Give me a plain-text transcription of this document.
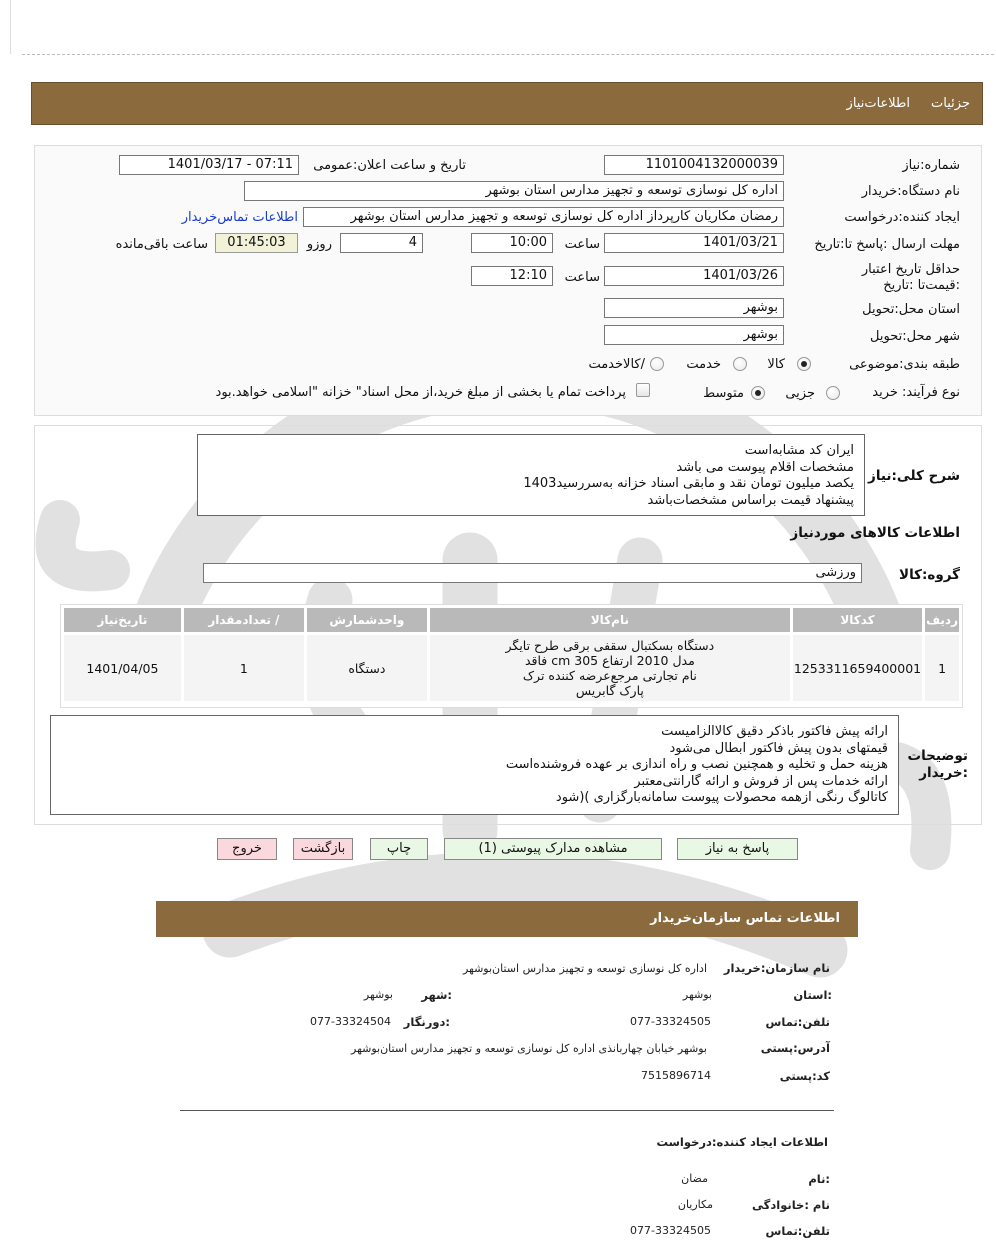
جزئیات
اطلاعات‌نیاز
شماره:نیاز
1101004132000039
تاریخ و ساعت اعلان:عمومی
1401/03/17 - 07:11
نام دستگاه:خریدار
اداره کل نوسازی توسعه و تجهیز مدارس استان بوشهر
ایجاد کننده:درخواست
رمضان مکاریان کارپرداز اداره کل نوسازی توسعه و تجهیز مدارس استان بوشهر
اطلاعات تماس‌خریدار
مهلت ارسال :پاسخ تا:تاریخ
1401/03/21
ساعت
10:00
4
روزو
01:45:03
ساعت باقی‌مانده
حداقل تاریخ اعتبار :قیمت‌تا :تاریخ
1401/03/26
ساعت
12:10
استان محل:تحویل
بوشهر
شهر محل:تحویل
بوشهر
طبقه بندی:موضوعی
کالا
خدمت
/کالاخدمت
نوع فرآیند: خرید
جزیی
متوسط
پرداخت تمام یا بخشی از مبلغ خرید،از محل اسناد" خزانه "اسلامی خواهد.بود
شرح کلی:نیاز
ایران کد مشابه‌است
مشخصات اقلام پیوست می باشد
یکصد میلیون تومان نقد و مابقی اسناد خزانه به‌سررسید1403
پیشنهاد قیمت براساس مشخصات‌باشد
اطلاعات کالاهای موردنیاز
گروه:کالا
ورزشی
ردیف	کدکالا	نام‌کالا	واحدشمارش	/ تعدادمقدار	تاریخ‌نیاز
1	1253311659400001	دستگاه بسکتبال سقفی برقی طرح تایگر
مدل 2010 ارتفاع 305 cm فاقد
نام تجارتی مرجع‌عرضه کننده ترک
پارک گابریس	دستگاه	1	1401/04/05
توضیحات :خریدار
ارائه پیش فاکتور باذکر دقیق کالاالزامیست
قیمتهای بدون پیش فاکتور ابطال می‌شود
هزینه حمل و تخلیه و همچنین نصب و راه اندازی بر عهده فروشنده‌است
ارائه خدمات پس از فروش و ارائه گارانتی‌معتبر
کاتالوگ رنگی ازهمه محصولات پیوست سامانه‌بارگزاری )(شود
پاسخ به نیاز
مشاهده مدارک پیوستی (1)
چاپ
بازگشت
خروج
اطلاعات تماس سازمان‌خریدار
نام سازمان:خریدار
اداره کل نوسازی توسعه و تجهیز مدارس استان‌بوشهر
:استان
بوشهر
:شهر
بوشهر
تلفن:تماس
077-33324505
:دورنگار
077-33324504
آدرس:پستی
بوشهر خیابان چهاربانذی اداره کل نوسازی توسعه و تجهیز مدارس استان‌بوشهر
کد:پستی
7515896714
اطلاعات ایجاد کننده:درخواست
:نام
مضان
نام :خانوادگی
مکاریان
تلفن:تماس
077-33324505
